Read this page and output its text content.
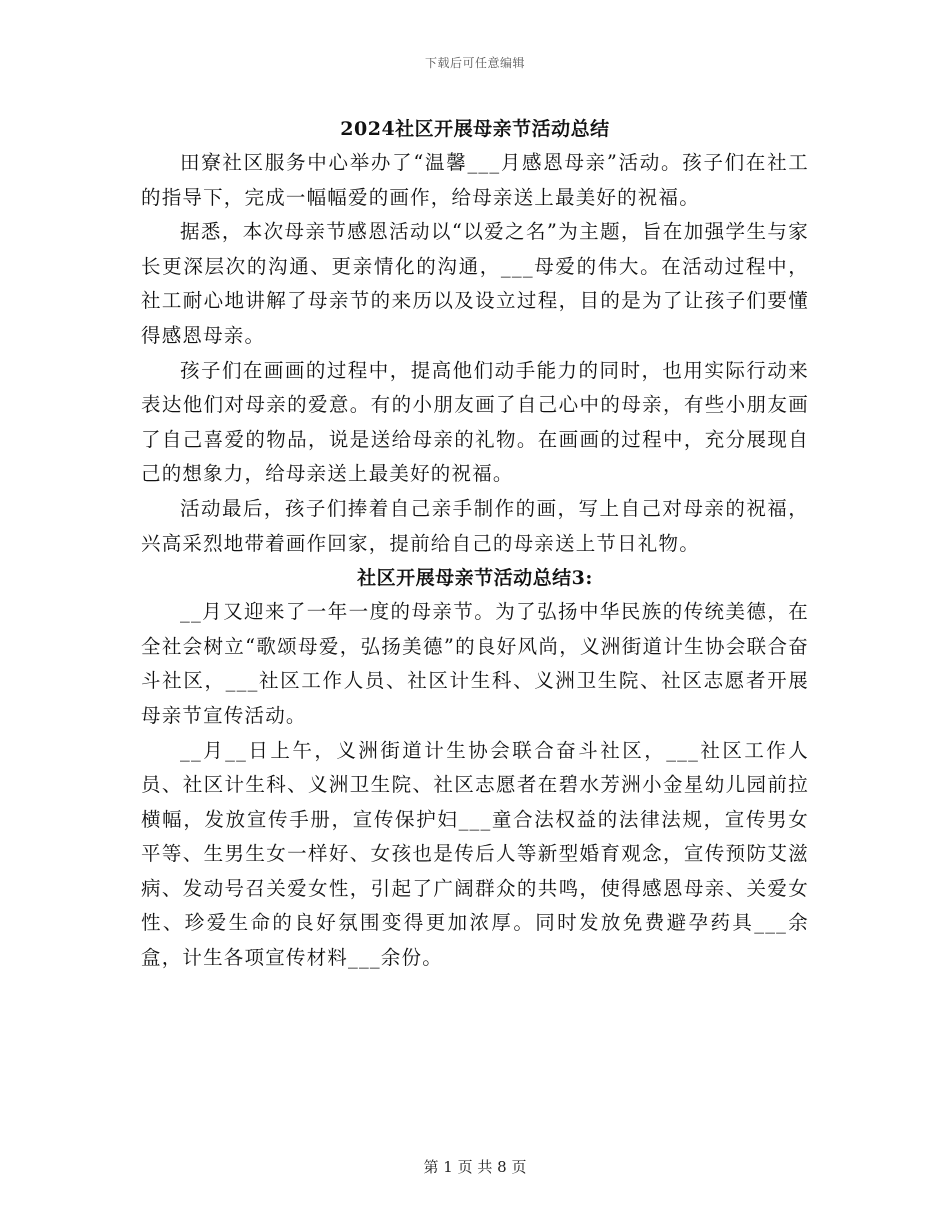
下载后可任意编辑
2024社区开展母亲节活动总结

田寮社区服务中心举办了“温馨___月感恩母亲”活动。孩子们在社工的指导下，完成一幅幅爱的画作，给母亲送上最美好的祝福。

据悉，本次母亲节感恩活动以“以爱之名”为主题，旨在加强学生与家长更深层次的沟通、更亲情化的沟通，___母爱的伟大。在活动过程中，社工耐心地讲解了母亲节的来历以及设立过程，目的是为了让孩子们要懂得感恩母亲。

孩子们在画画的过程中，提高他们动手能力的同时，也用实际行动来表达他们对母亲的爱意。有的小朋友画了自己心中的母亲，有些小朋友画了自己喜爱的物品，说是送给母亲的礼物。在画画的过程中，充分展现自己的想象力，给母亲送上最美好的祝福。

活动最后，孩子们捧着自己亲手制作的画，写上自己对母亲的祝福，兴高采烈地带着画作回家，提前给自己的母亲送上节日礼物。

社区开展母亲节活动总结3:

__月又迎来了一年一度的母亲节。为了弘扬中华民族的传统美德，在全社会树立“歌颂母爱，弘扬美德”的良好风尚，义洲街道计生协会联合奋斗社区，___社区工作人员、社区计生科、义洲卫生院、社区志愿者开展母亲节宣传活动。

__月__日上午，义洲街道计生协会联合奋斗社区，___社区工作人员、社区计生科、义洲卫生院、社区志愿者在碧水芳洲小金星幼儿园前拉横幅，发放宣传手册，宣传保护妇___童合法权益的法律法规，宣传男女平等、生男生女一样好、女孩也是传后人等新型婚育观念，宣传预防艾滋病、发动号召关爱女性，引起了广阔群众的共鸣，使得感恩母亲、关爱女性、珍爱生命的良好氛围变得更加浓厚。同时发放免费避孕药具___余盒，计生各项宣传材料___余份。

第 1 页 共 8 页
